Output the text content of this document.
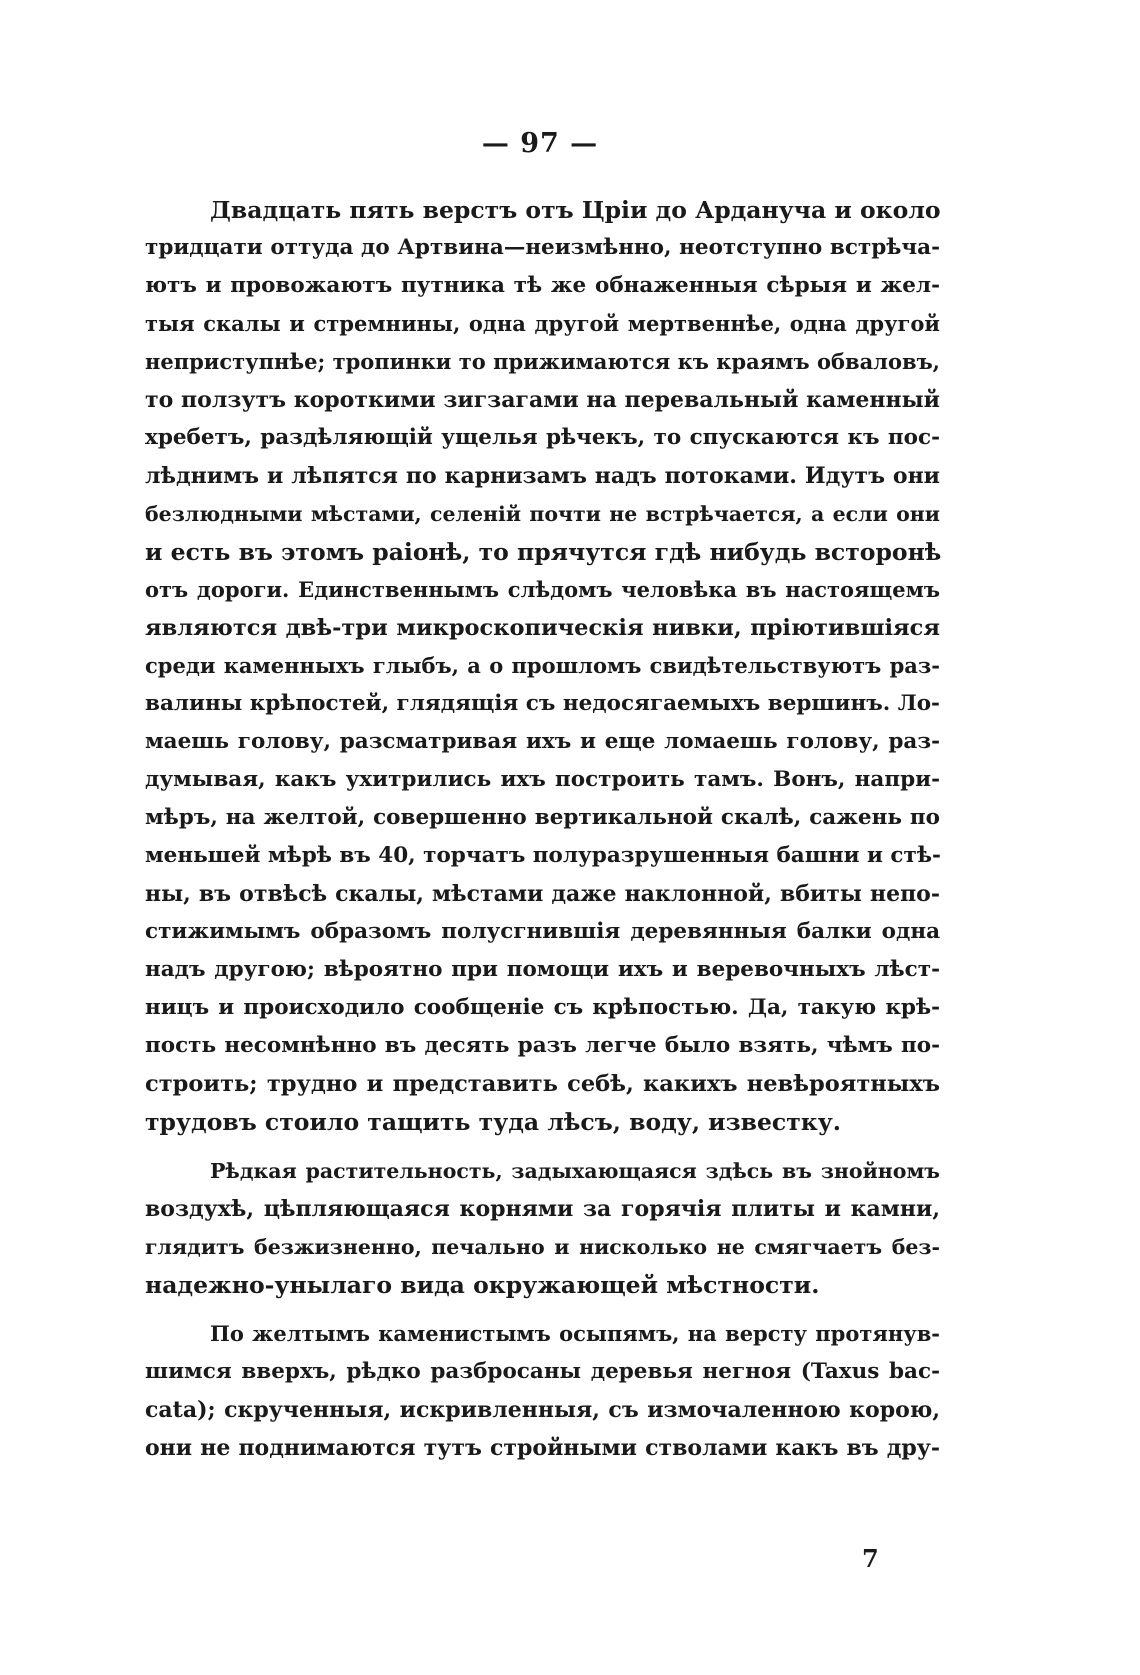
— 97 —
Двадцать пять верстъ отъ Црiи до Ардануча и около
тридцати оттуда до Артвина—неизмѣнно, неотступно встрѣча-
ютъ и провожаютъ путника тѣ же обнаженныя сѣрыя и жел-
тыя скалы и стремнины, одна другой мертвеннѣе, одна другой
неприступнѣе; тропинки то прижимаются къ краямъ обваловъ,
то ползутъ короткими зигзагами на перевальный каменный
хребетъ, раздѣляющiй ущелья рѣчекъ, то спускаются къ пос-
лѣднимъ и лѣпятся по карнизамъ надъ потоками. Идутъ они
безлюдными мѣстами, селенiй почти не встрѣчается, а если они
и есть въ этомъ раiонѣ, то прячутся гдѣ нибудь всторонѣ
отъ дороги. Единственнымъ слѣдомъ человѣка въ настоящемъ
являются двѣ-три микроскопическiя нивки, прiютившiяся
среди каменныхъ глыбъ, а о прошломъ свидѣтельствуютъ раз-
валины крѣпостей, глядящiя съ недосягаемыхъ вершинъ. Ло-
маешь голову, разсматривая ихъ и еще ломаешь голову, раз-
думывая, какъ ухитрились ихъ построить тамъ. Вонъ, напри-
мѣръ, на желтой, совершенно вертикальной скалѣ, сажень по
меньшей мѣрѣ въ 40, торчатъ полуразрушенныя башни и стѣ-
ны, въ отвѣсѣ скалы, мѣстами даже наклонной, вбиты непо-
стижимымъ образомъ полусгнившiя деревянныя балки одна
надъ другою; вѣроятно при помощи ихъ и веревочныхъ лѣст-
ницъ и происходило сообщенiе съ крѣпостью. Да, такую крѣ-
пость несомнѣнно въ десять разъ легче было взять, чѣмъ по-
строить; трудно и представить себѣ, какихъ невѣроятныхъ
трудовъ стоило тащить туда лѣсъ, воду, известку.
Рѣдкая растительность, задыхающаяся здѣсь въ знойномъ
воздухѣ, цѣпляющаяся корнями за горячiя плиты и камни,
глядитъ безжизненно, печально и нисколько не смягчаетъ без-
надежно-унылаго вида окружающей мѣстности.
По желтымъ каменистымъ осыпямъ, на версту протянув-
шимся вверхъ, рѣдко разбросаны деревья негноя (Taxus bac-
cata); скрученныя, искривленныя, съ измочаленною корою,
они не поднимаются тутъ стройными стволами какъ въ дру-
7
